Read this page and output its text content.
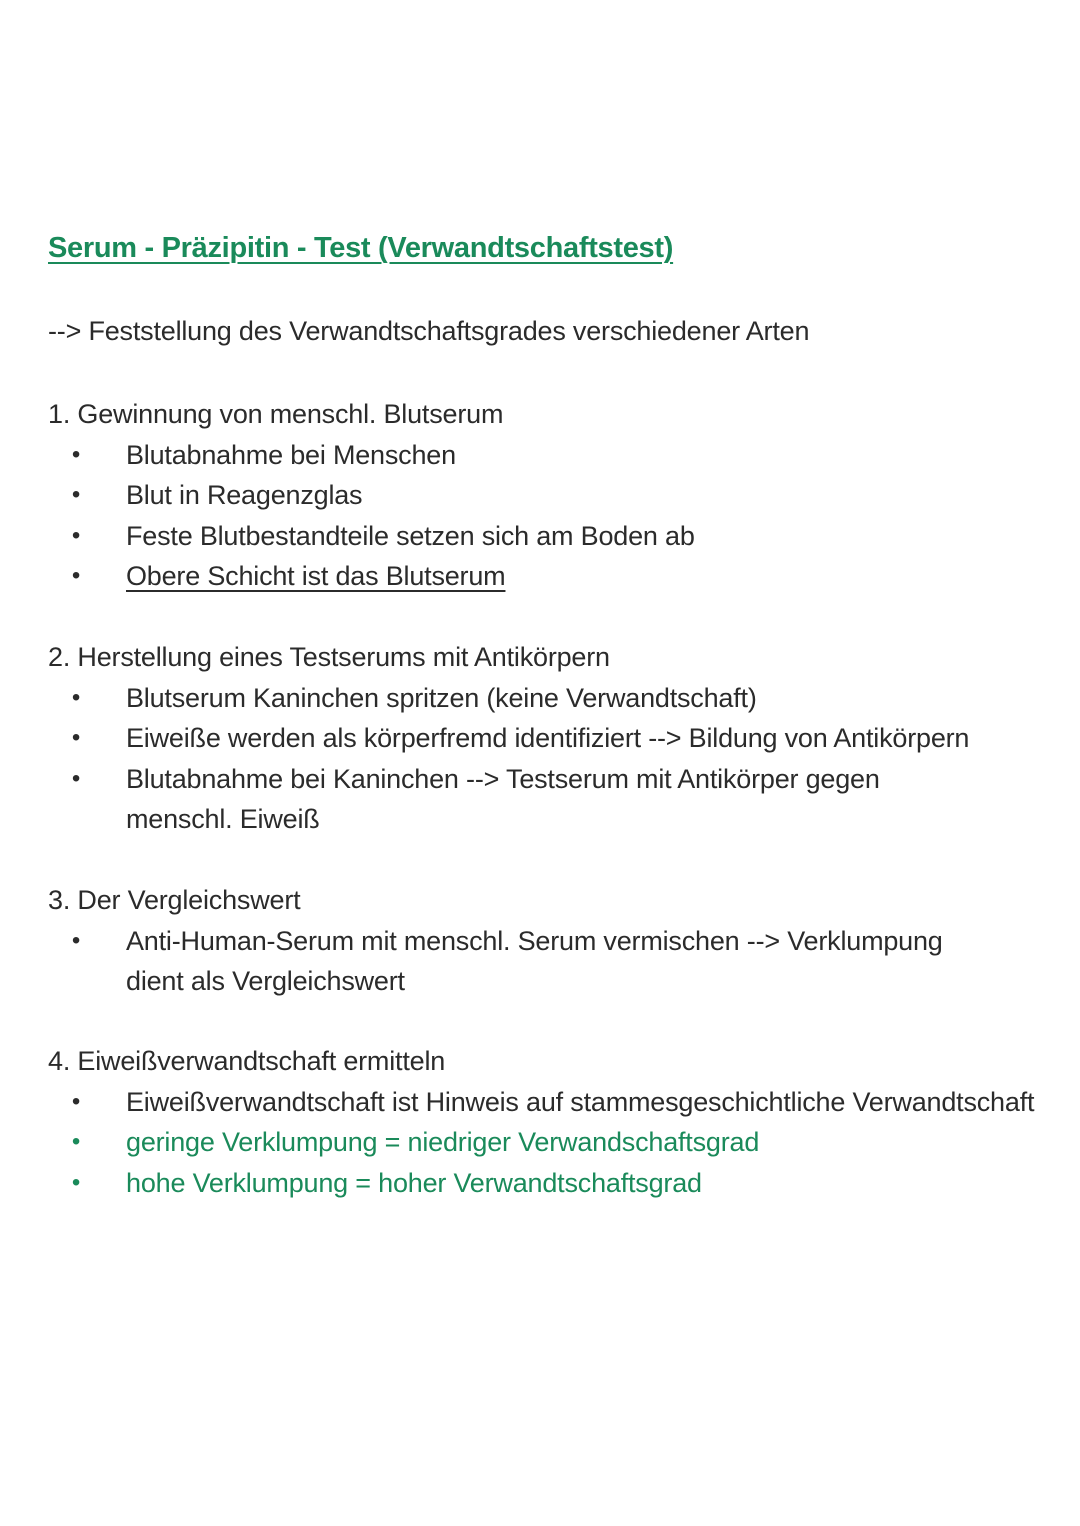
Serum - Präzipitin - Test (Verwandtschaftstest)
--> Feststellung des Verwandtschaftsgrades verschiedener Arten
1. Gewinnung von menschl. Blutserum
• Blutabnahme bei Menschen
• Blut in Reagenzglas
• Feste Blutbestandteile setzen sich am Boden ab
• Obere Schicht ist das Blutserum
2. Herstellung eines Testserums mit Antikörpern
• Blutserum Kaninchen spritzen (keine Verwandtschaft)
• Eiweiße werden als körperfremd identifiziert --> Bildung von Antikörpern
• Blutabnahme bei Kaninchen --> Testserum mit Antikörper gegen menschl. Eiweiß
3. Der Vergleichswert
• Anti-Human-Serum mit menschl. Serum vermischen --> Verklumpung dient als Vergleichswert
4. Eiweißverwandtschaft ermitteln
• Eiweißverwandtschaft ist Hinweis auf stammesgeschichtliche Verwandtschaft
• geringe Verklumpung = niedriger Verwandschaftsgrad
• hohe Verklumpung = hoher Verwandtschaftsgrad
